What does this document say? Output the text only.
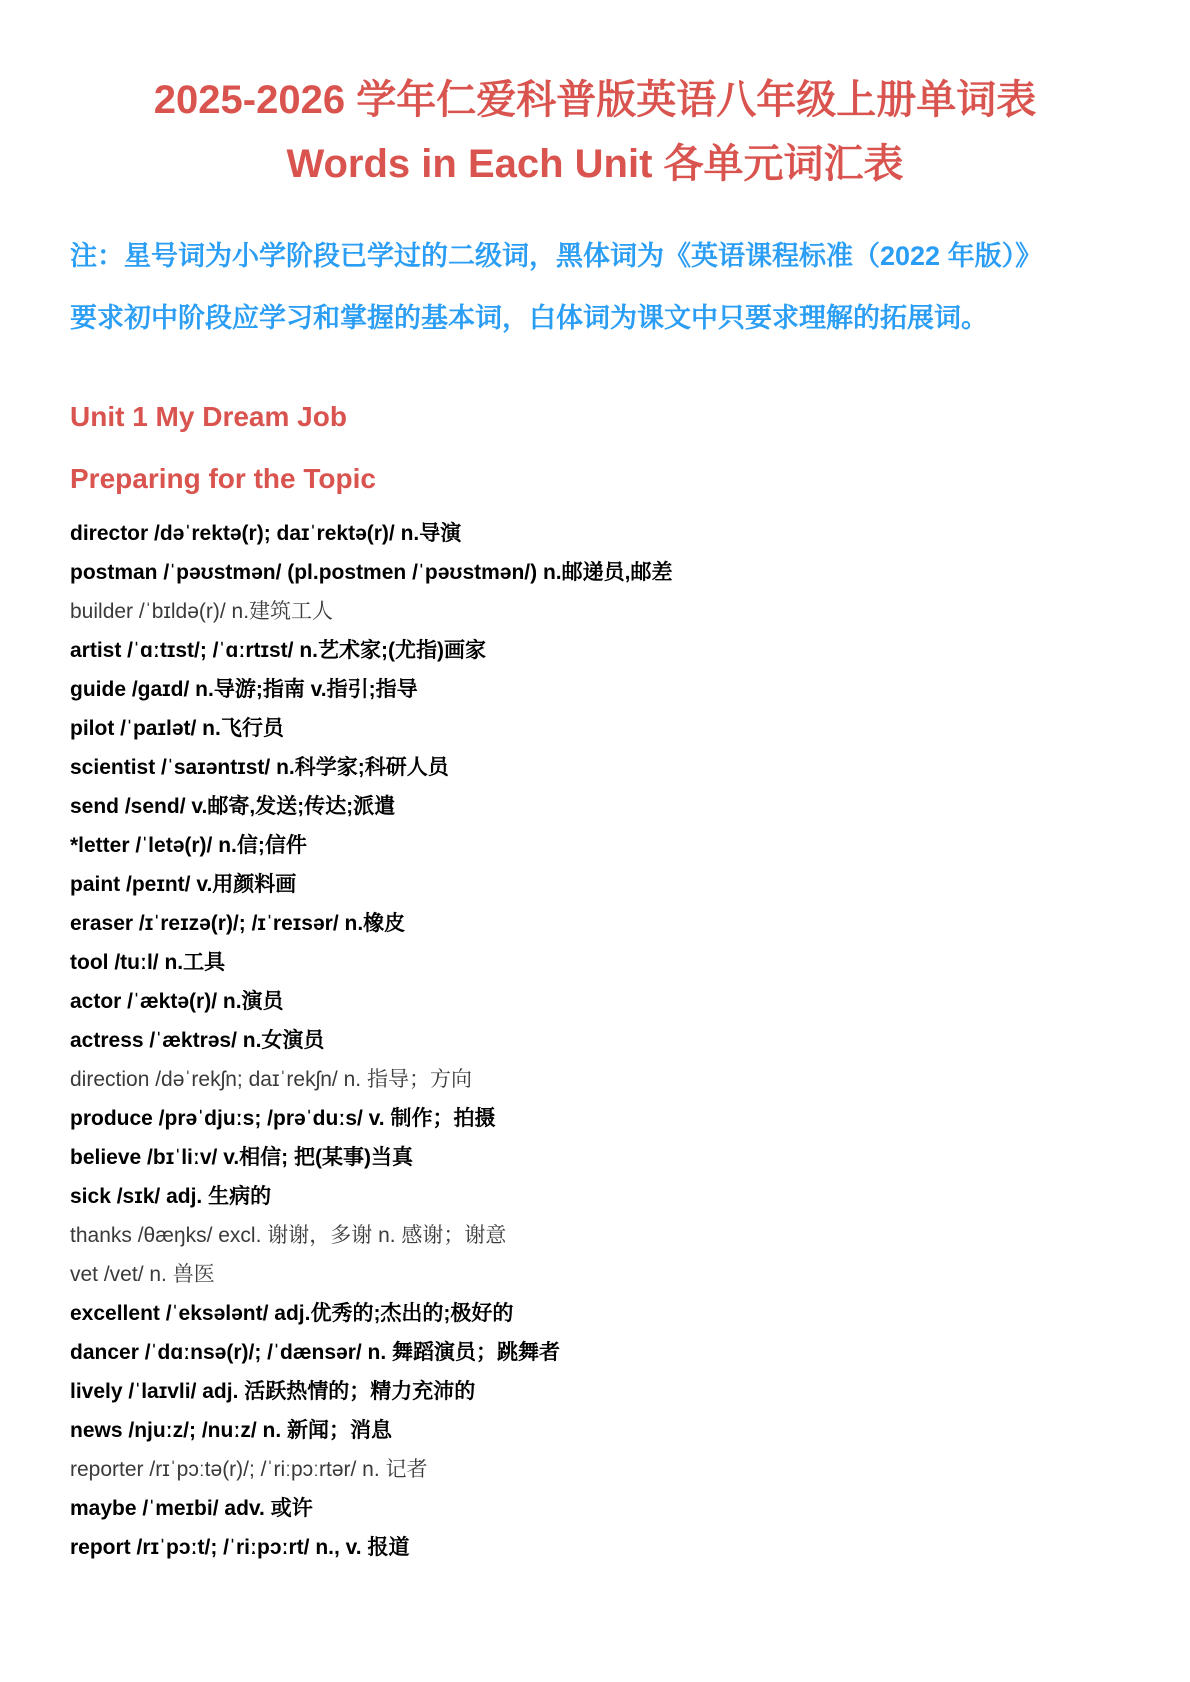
2025-2026 学年仁爱科普版英语八年级上册单词表
Words in Each Unit 各单元词汇表
注：星号词为小学阶段已学过的二级词，黑体词为《英语课程标准（2022 年版）》
要求初中阶段应学习和掌握的基本词，白体词为课文中只要求理解的拓展词。
Unit 1 My Dream Job
Preparing for the Topic
director /dəˈrektə(r); daɪˈrektə(r)/ n.导演
postman /ˈpəʊstmən/ (pl.postmen /ˈpəʊstmən/) n.邮递员,邮差
builder /ˈbɪldə(r)/ n.建筑工人
artist /ˈɑːtɪst/; /ˈɑːrtɪst/ n.艺术家;(尤指)画家
guide /gaɪd/ n.导游;指南 v.指引;指导
pilot /ˈpaɪlət/ n.飞行员
scientist /ˈsaɪəntɪst/ n.科学家;科研人员
send /send/ v.邮寄,发送;传达;派遣
*letter /ˈletə(r)/ n.信;信件
paint /peɪnt/ v.用颜料画
eraser /ɪˈreɪzə(r)/; /ɪˈreɪsər/ n.橡皮
tool /tuːl/ n.工具
actor /ˈæktə(r)/ n.演员
actress /ˈæktrəs/ n.女演员
direction /dəˈrekʃn; daɪˈrekʃn/ n. 指导；方向
produce /prəˈdjuːs; /prəˈduːs/ v. 制作；拍摄
believe /bɪˈliːv/ v.相信; 把(某事)当真
sick /sɪk/ adj. 生病的
thanks /θæŋks/ excl. 谢谢，多谢 n. 感谢；谢意
vet /vet/ n. 兽医
excellent /ˈeksələnt/ adj.优秀的;杰出的;极好的
dancer /ˈdɑːnsə(r)/; /ˈdænsər/ n. 舞蹈演员；跳舞者
lively /ˈlaɪvli/ adj. 活跃热情的；精力充沛的
news /njuːz/; /nuːz/ n. 新闻；消息
reporter /rɪˈpɔːtə(r)/; /ˈriːpɔːrtər/ n. 记者
maybe /ˈmeɪbi/ adv. 或许
report /rɪˈpɔːt/; /ˈriːpɔːrt/ n., v. 报道
